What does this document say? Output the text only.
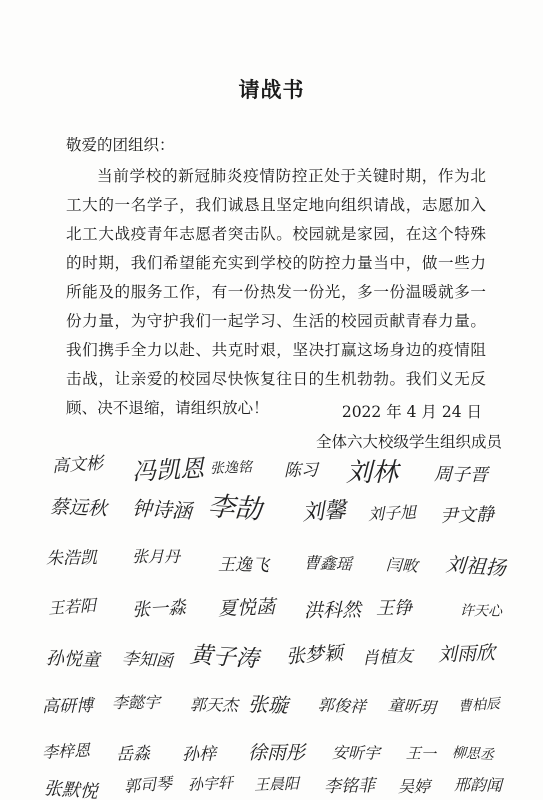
请战书
敬爱的团组织：
当前学校的新冠肺炎疫情防控正处于关键时期，作为北工大的一名学子，我们诚恳且坚定地向组织请战，志愿加入北工大战疫青年志愿者突击队。校园就是家园，在这个特殊的时期，我们希望能充实到学校的防控力量当中，做一些力所能及的服务工作，有一份热发一份光，多一份温暖就多一份力量，为守护我们一起学习、生活的校园贡献青春力量。我们携手全力以赴、共克时艰，坚决打赢这场身边的疫情阻击战，让亲爱的校园尽快恢复往日的生机勃勃。我们义无反顾、决不退缩，请组织放心！	2022 年 4 月 24 日
全体六大校级学生组织成员
高文彬 冯凯恩 张逸铭 陈习 刘林 周子晋
蔡远秋 钟诗涵 李劼 刘馨 刘子旭 尹文静
朱浩凯 张月丹 王逸飞 曹鑫瑶 闫畋 刘祖扬
王若阳 张一淼 夏悦菡 洪科然 王铮	许天心
孙悦童 李知函 黄子涛 张梦颖 肖植友 刘雨欣
高研博 李懿宇 郭天杰 张璇 郭俊祥 童昕玥 曹柏辰
李梓恩 岳淼 孙梓 徐雨彤 安昕宇 王一 柳思丞
张默悦 郭司琴 孙宇轩 王晨阳 李铭菲 吴婷 邢韵闻
